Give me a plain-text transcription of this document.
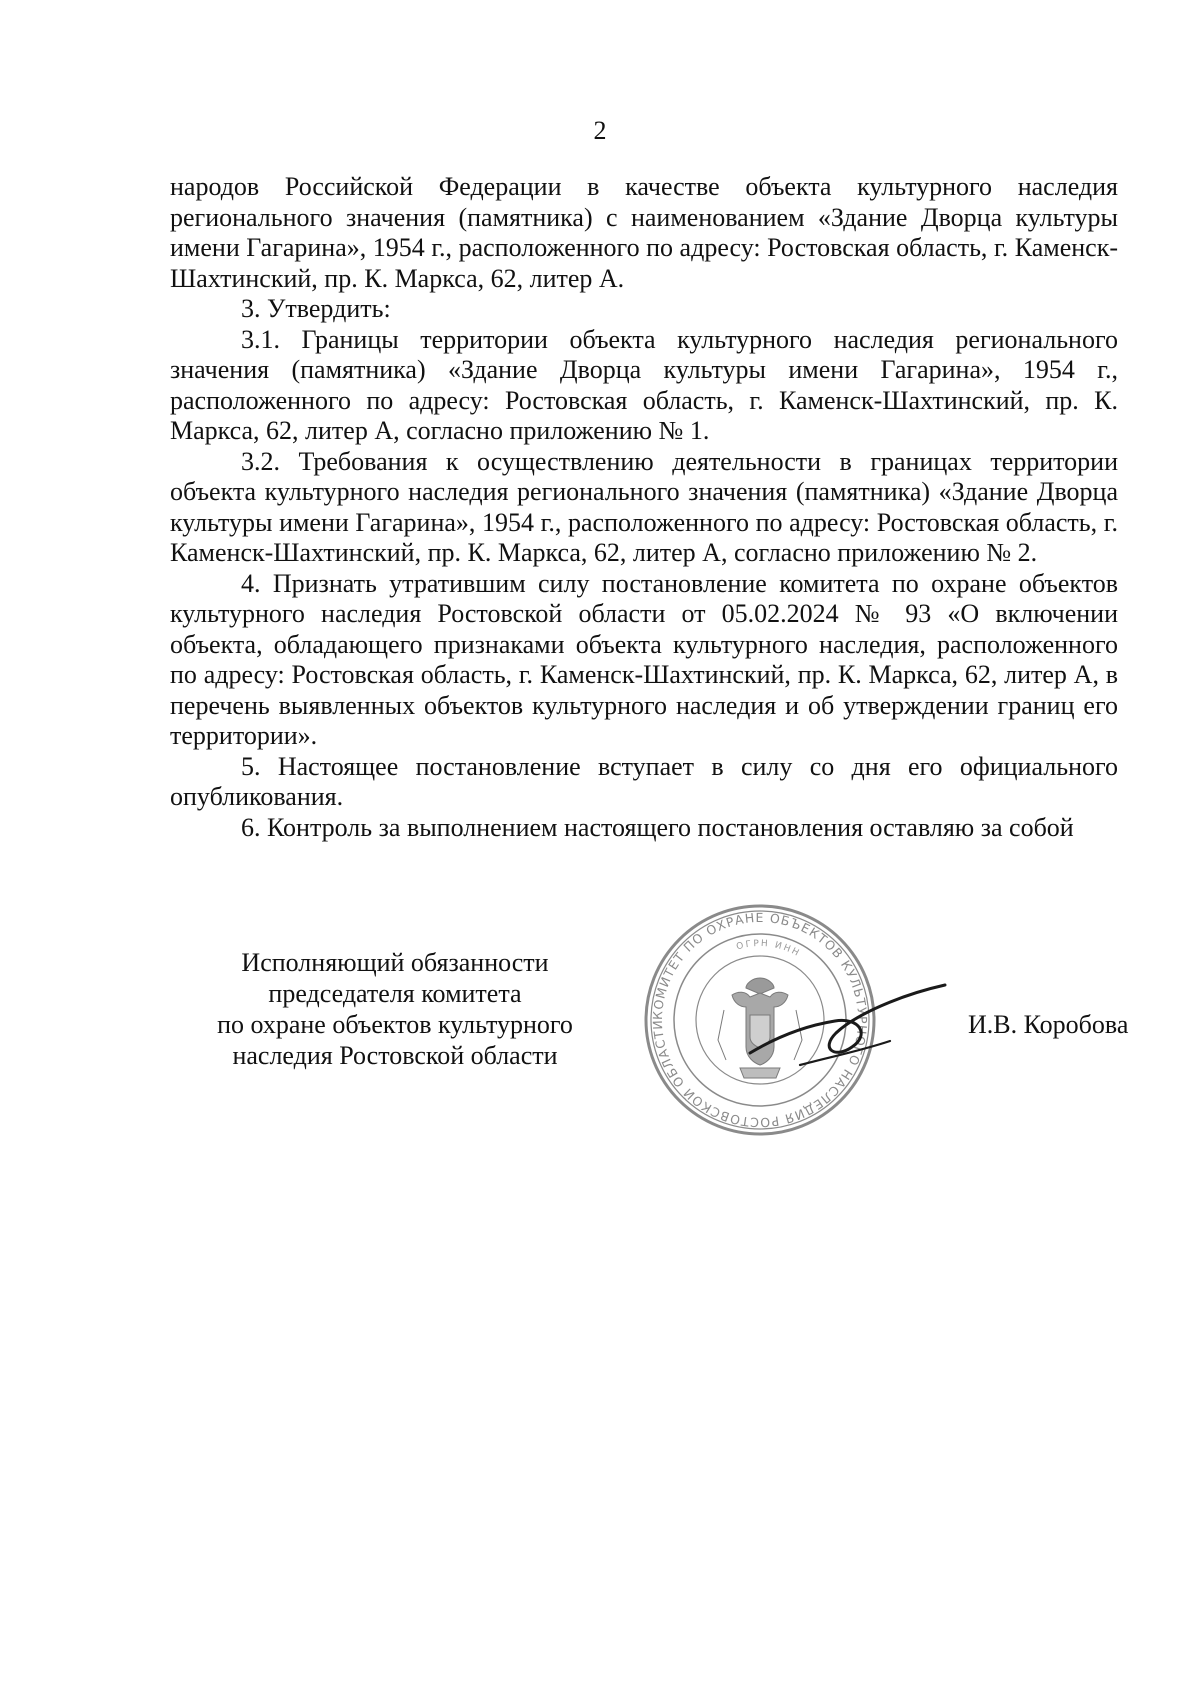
2

народов Российской Федерации в качестве объекта культурного наследия регионального значения (памятника) с наименованием «Здание Дворца культуры имени Гагарина», 1954 г., расположенного по адресу: Ростовская область, г. Каменск-Шахтинский, пр. К. Маркса, 62, литер А.

3. Утвердить:

3.1. Границы территории объекта культурного наследия регионального значения (памятника) «Здание Дворца культуры имени Гагарина», 1954 г., расположенного по адресу: Ростовская область, г. Каменск-Шахтинский, пр. К. Маркса, 62, литер А, согласно приложению № 1.

3.2. Требования к осуществлению деятельности в границах территории объекта культурного наследия регионального значения (памятника) «Здание Дворца культуры имени Гагарина», 1954 г., расположенного по адресу: Ростовская область, г. Каменск-Шахтинский, пр. К. Маркса, 62, литер А, согласно приложению № 2.

4. Признать утратившим силу постановление комитета по охране объектов культурного наследия Ростовской области от 05.02.2024 № 93 «О включении объекта, обладающего признаками объекта культурного наследия, расположенного по адресу: Ростовская область, г. Каменск-Шахтинский, пр. К. Маркса, 62, литер А, в перечень выявленных объектов культурного наследия и об утверждении границ его территории».

5. Настоящее постановление вступает в силу со дня его официального опубликования.

6. Контроль за выполнением настоящего постановления оставляю за собой

Исполняющий обязанности
председателя комитета
по охране объектов культурного
наследия Ростовской области
КОМИТЕТ ПО ОХРАНЕ ОБЪЕКТОВ КУЛЬТУРНОГО НАСЛЕДИЯ РОСТОВСКОЙ ОБЛАСТИ
ОГРН ИНН
И.В. Коробова
